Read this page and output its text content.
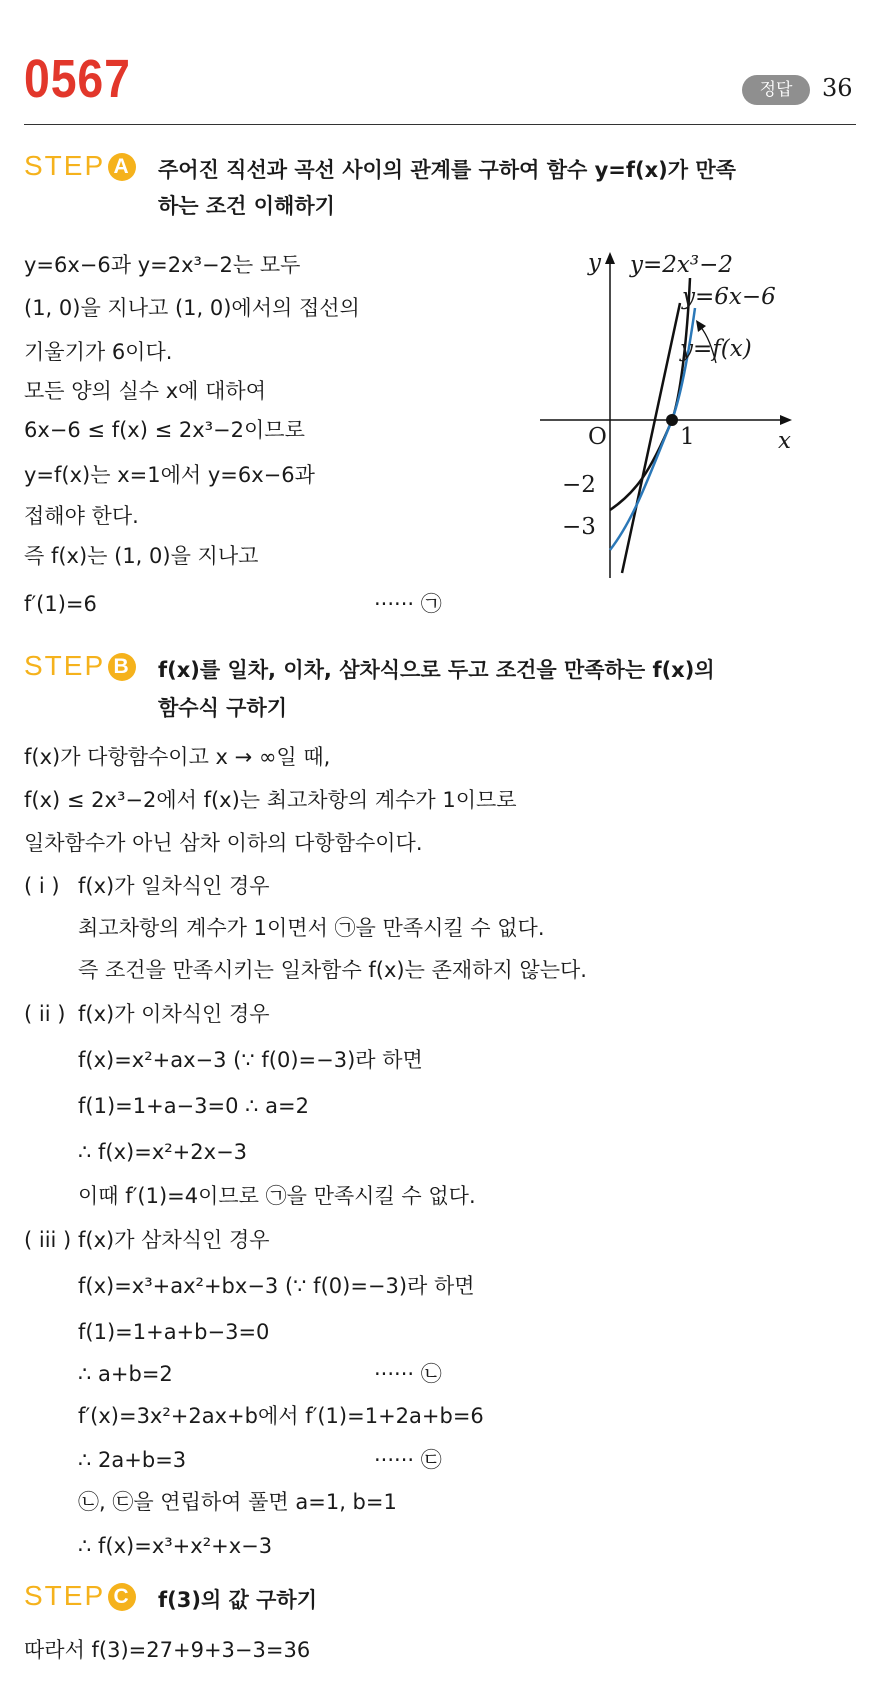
0567	정답	36
STEP A 주어진 직선과 곡선 사이의 관계를 구하여 함수 y=f(x)가 만족
하는 조건 이해하기
y=6x−6과 y=2x³−2는 모두
(1, 0)을 지나고 (1, 0)에서의 접선의
기울기가 6이다.
모든 양의 실수 x에 대하여
6x−6 ≤ f(x) ≤ 2x³−2이므로
y=f(x)는 x=1에서 y=6x−6과
접해야 한다.
즉 f(x)는 (1, 0)을 지나고
f′(1)=6	······ ㉠
y
x
O	1
−2
−3
y=2x³−2
y=6x−6
y=f(x)
STEP B f(x)를 일차, 이차, 삼차식으로 두고 조건을 만족하는 f(x)의
함수식 구하기
f(x)가 다항함수이고 x → ∞일 때,
f(x) ≤ 2x³−2에서 f(x)는 최고차항의 계수가 1이므로
일차함수가 아닌 삼차 이하의 다항함수이다.
( i ) f(x)가 일차식인 경우
최고차항의 계수가 1이면서 ㉠을 만족시킬 수 없다.
즉 조건을 만족시키는 일차함수 f(x)는 존재하지 않는다.
( ii ) f(x)가 이차식인 경우
f(x)=x²+ax−3 (∵ f(0)=−3)라 하면
f(1)=1+a−3=0 ∴ a=2
∴ f(x)=x²+2x−3
이때 f′(1)=4이므로 ㉠을 만족시킬 수 없다.
( iii ) f(x)가 삼차식인 경우
f(x)=x³+ax²+bx−3 (∵ f(0)=−3)라 하면
f(1)=1+a+b−3=0
∴ a+b=2	······ ㉡
f′(x)=3x²+2ax+b에서 f′(1)=1+2a+b=6
∴ 2a+b=3	······ ㉢
㉡, ㉢을 연립하여 풀면 a=1, b=1
∴ f(x)=x³+x²+x−3
STEP C f(3)의 값 구하기
따라서 f(3)=27+9+3−3=36
